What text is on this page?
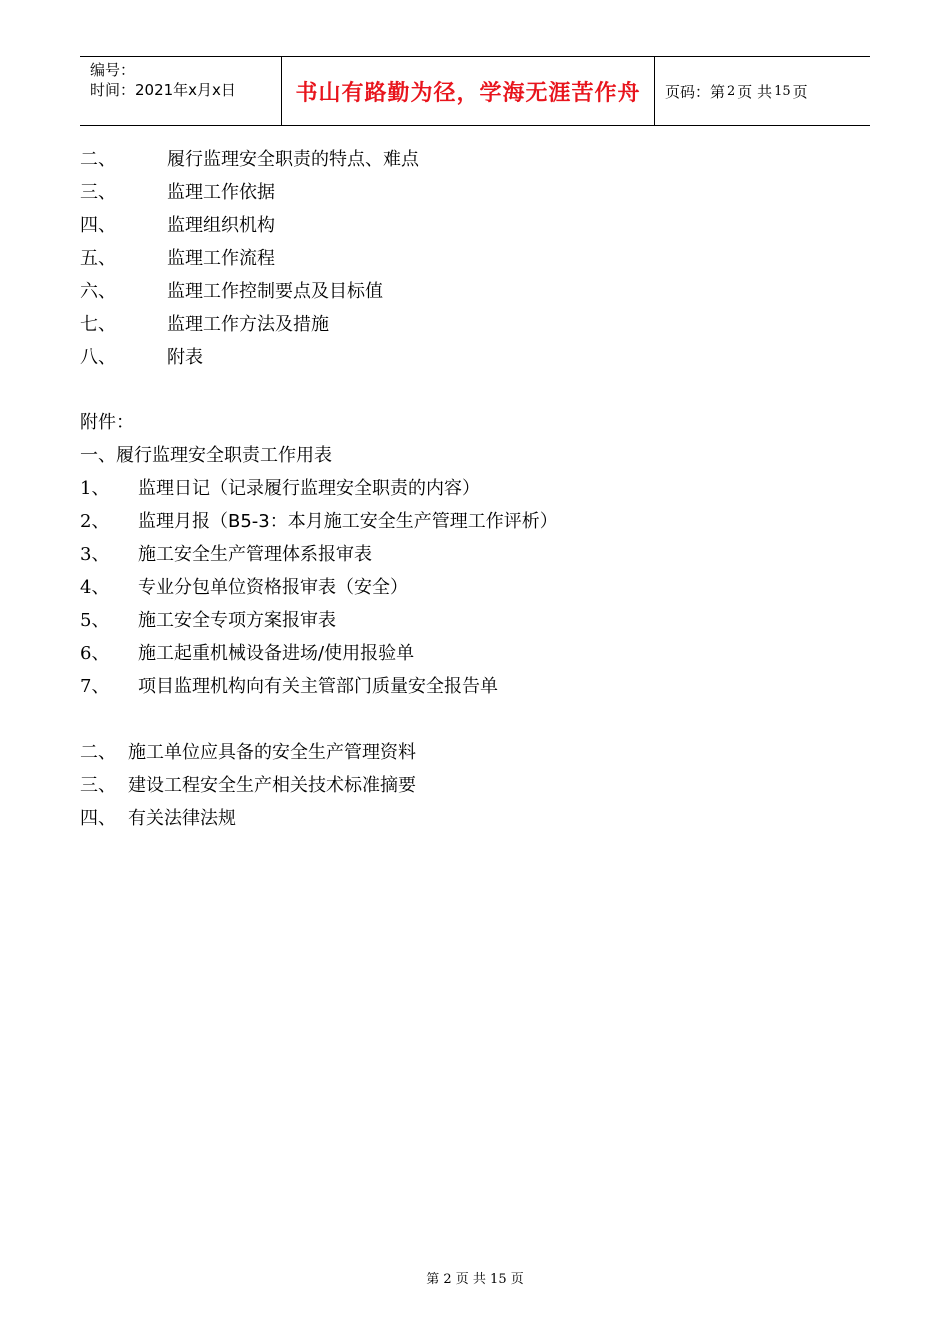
编号：
时间：2021年x月x日	书山有路勤为径，学海无涯苦作舟	页码：第 2 页 共 15 页
二、	履行监理安全职责的特点、难点
三、	监理工作依据
四、	监理组织机构
五、	监理工作流程
六、	监理工作控制要点及目标值
七、	监理工作方法及措施
八、	附表
附件：
一、履行监理安全职责工作用表
1、	监理日记（记录履行监理安全职责的内容）
2、	监理月报（B5-3：本月施工安全生产管理工作评析）
3、	施工安全生产管理体系报审表
4、	专业分包单位资格报审表（安全）
5、	施工安全专项方案报审表
6、	施工起重机械设备进场/使用报验单
7、	项目监理机构向有关主管部门质量安全报告单
二、 施工单位应具备的安全生产管理资料
三、 建设工程安全生产相关技术标准摘要
四、 有关法律法规
第 2 页 共 15 页
